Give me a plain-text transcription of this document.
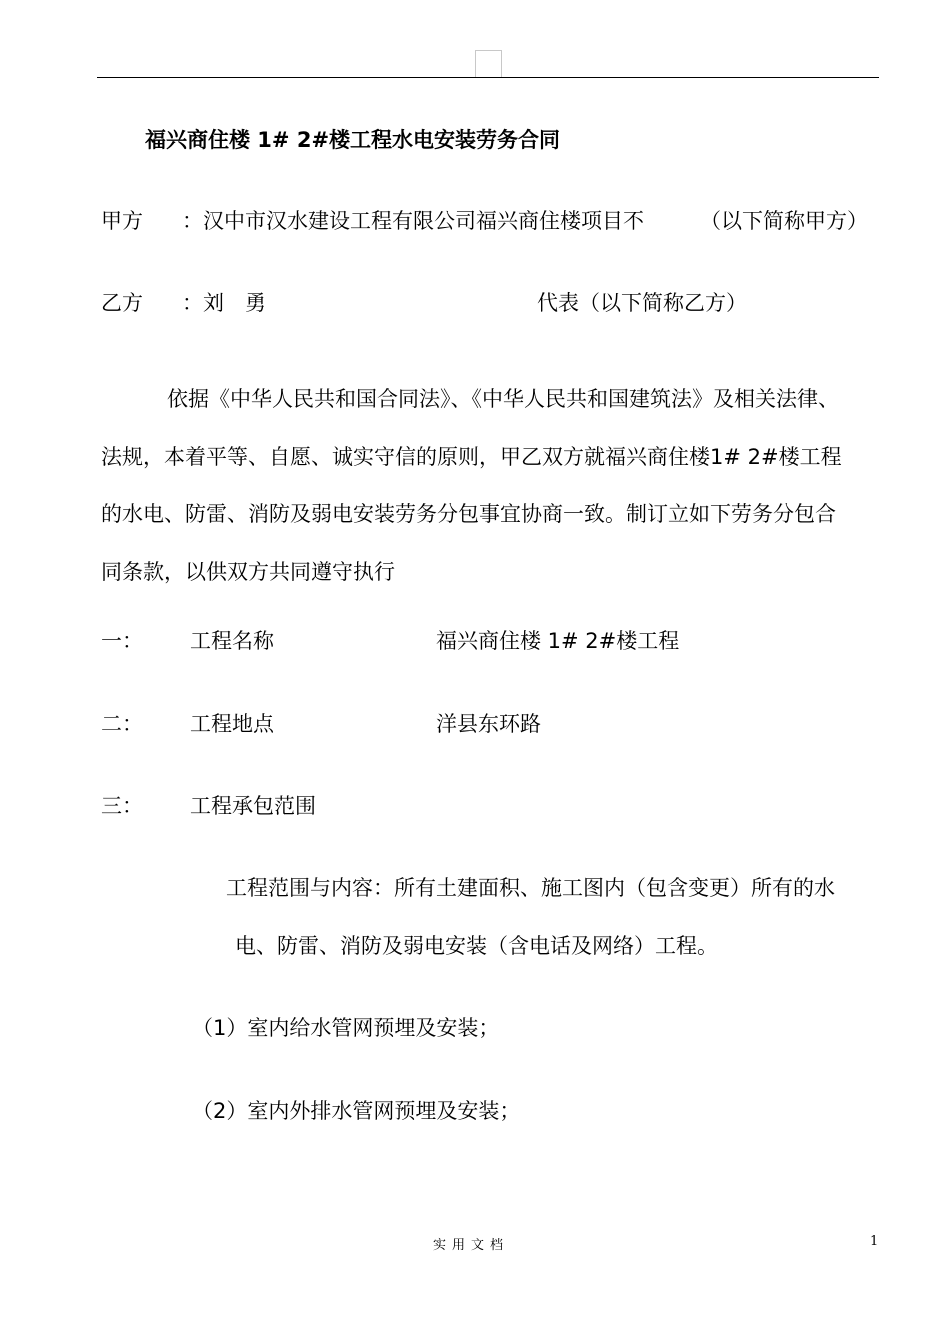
福兴商住楼 1# 2#楼工程水电安装劳务合同
甲方 ：汉中市汉水建设工程有限公司福兴商住楼项目不	（以下简称甲方）
乙方 ：刘　勇	代表（以下简称乙方）
依据《中华人民共和国合同法》、《中华人民共和国建筑法》及相关法律、
法规，本着平等、自愿、诚实守信的原则，甲乙双方就福兴商住楼1# 2#楼工程
的水电、防雷、消防及弱电安装劳务分包事宜协商一致。制订立如下劳务分包合
同条款，以供双方共同遵守执行
一： 工程名称	福兴商住楼 1# 2#楼工程
二： 工程地点	洋县东环路
三： 工程承包范围
工程范围与内容：所有土建面积、施工图内（包含变更）所有的水
电、防雷、消防及弱电安装（含电话及网络）工程。
（1）室内给水管网预埋及安装；
（2）室内外排水管网预埋及安装；
实用文档	1
